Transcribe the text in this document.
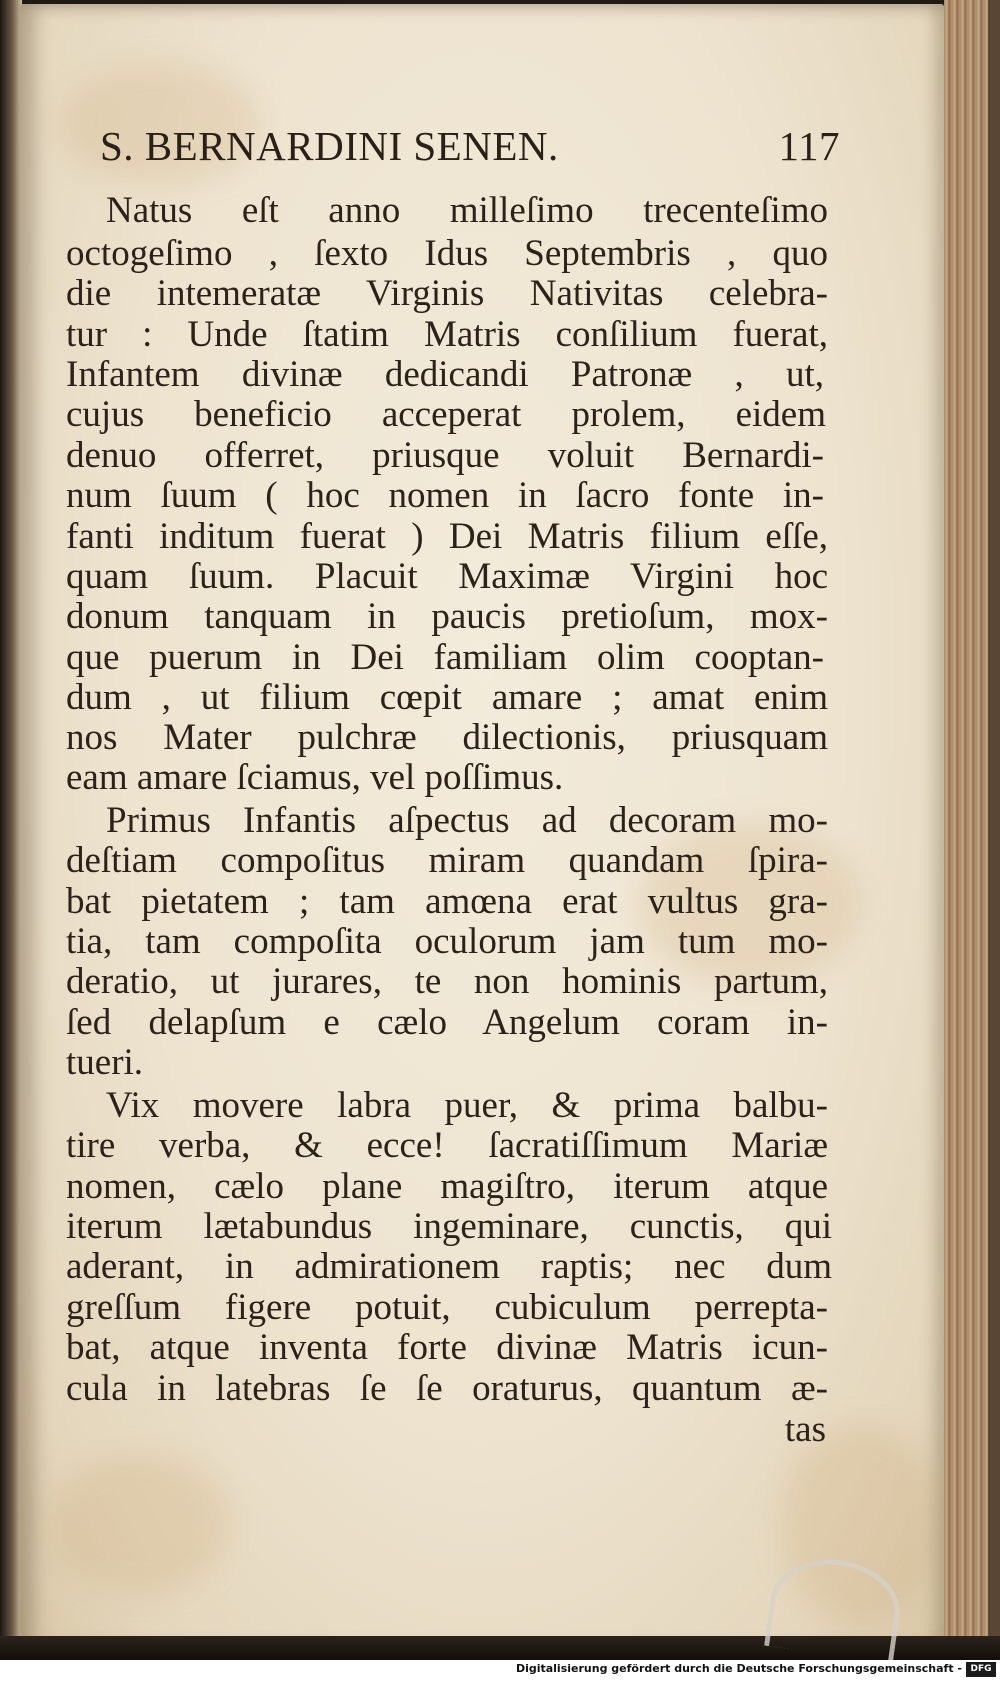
S. BERNARDINI SENEN.	117
Natus eſt anno milleſimo trecenteſimo
octogeſimo , ſexto Idus Septembris , quo
die intemeratæ Virginis Nativitas celebra-
tur : Unde ſtatim Matris conſilium fuerat,
Infantem divinæ dedicandi Patronæ , ut,
cujus beneficio acceperat prolem, eidem
denuo offerret, priusque voluit Bernardi-
num ſuum ( hoc nomen in ſacro fonte in-
fanti inditum fuerat ) Dei Matris filium eſſe,
quam ſuum. Placuit Maximæ Virgini hoc
donum tanquam in paucis pretioſum, mox-
que puerum in Dei familiam olim cooptan-
dum , ut filium cœpit amare ; amat enim
nos Mater pulchræ dilectionis, priusquam
eam amare ſciamus, vel poſſimus.
Primus Infantis aſpectus ad decoram mo-
deſtiam compoſitus miram quandam ſpira-
bat pietatem ; tam amœna erat vultus gra-
tia, tam compoſita oculorum jam tum mo-
deratio, ut jurares, te non hominis partum,
ſed delapſum e cælo Angelum coram in-
tueri.
Vix movere labra puer, & prima balbu-
tire verba, & ecce! ſacratiſſimum Mariæ
nomen, cælo plane magiſtro, iterum atque
iterum lætabundus ingeminare, cunctis, qui
aderant, in admirationem raptis; nec dum
greſſum figere potuit, cubiculum perrepta-
bat, atque inventa forte divinæ Matris icun-
cula in latebras ſe ſe oraturus, quantum æ-
tas
Digitalisierung gefördert durch die Deutsche Forschungsgemeinschaft - DFG
